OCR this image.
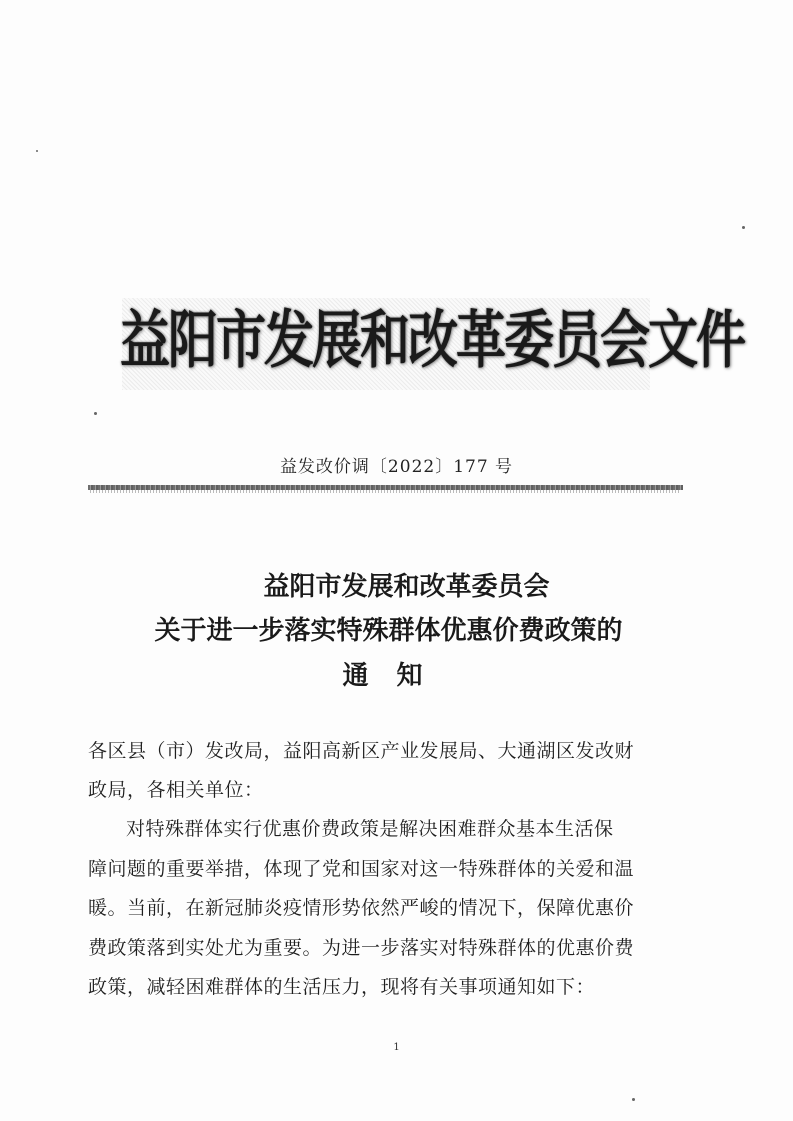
益阳市发展和改革委员会文件
益发改价调〔2022〕177 号
益阳市发展和改革委员会
关于进一步落实特殊群体优惠价费政策的
通知
各区县（市）发改局，益阳高新区产业发展局、大通湖区发改财
政局，各相关单位：
对特殊群体实行优惠价费政策是解决困难群众基本生活保
障问题的重要举措，体现了党和国家对这一特殊群体的关爱和温
暖。当前，在新冠肺炎疫情形势依然严峻的情况下，保障优惠价
费政策落到实处尤为重要。为进一步落实对特殊群体的优惠价费
政策，减轻困难群体的生活压力，现将有关事项通知如下：
1
